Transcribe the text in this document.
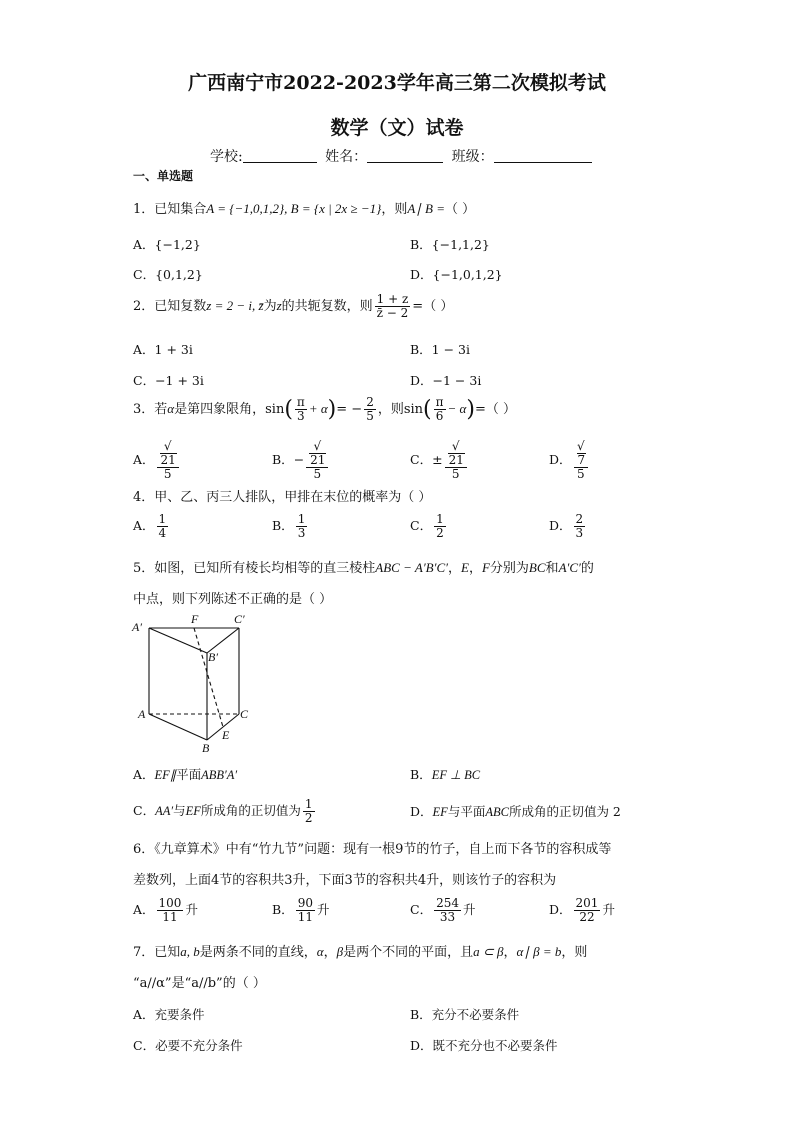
广西南宁市2022-2023学年高三第二次模拟考试
数学（文）试卷
学校:	姓名：	班级：
一、单选题
1．已知集合A = {−1,0,1,2}, B = {x | 2x ≥ −1}，则A∣ B =（ ）
A．{−1,2}	B．{−1,1,2}
C．{0,1,2}	D．{−1,0,1,2}
2．已知复数z = 2 − i, z̄为z的共轭复数，则 $\frac{1 + z}{z̄ - 2}$ =（ ）
A．1 + 3i	B．1 − 3i
C．−1 + 3i	D．−1 − 3i
3．若α是第四象限角，$\sin( \frac{\pi}{3} + \alpha)= - \frac{2}{5}$ ，则$\sin( \frac{\pi}{6} - \alpha)=$（ ）
A． √
21
5	B．− √
21
5	C．± √
21
5	D． √
7
5
4．甲、乙、丙三人排队，甲排在末位的概率为（ ）
A． $\frac{1}{4}$	B． $\frac{1}{3}$	C． $\frac{1}{2}$	D． $\frac{2}{3}$
5．如图，已知所有棱长均相等的直三棱柱ABC − A′B′C′，E，F分别为BC和A′C′的
中点，则下列陈述不正确的是（ ）
A′
F	C′
B′
A	C
E
B
A．EF∥平面ABB′A′	B．EF ⊥ BC
C．AA′与EF所成角的正切值为 $\frac{1}{2}$	D．EF与平面ABC所成角的正切值为 2
6．《九章算术》中有“竹九节”问题：现有一根9节的竹子，自上而下各节的容积成等
差数列，上面4节的容积共3升，下面3节的容积共4升，则该竹子的容积为
A． $\frac{100}{11}$ 升	B． $\frac{90}{11}$ 升	C． $\frac{254}{33}$ 升	D． $\frac{201}{22}$ 升
7．已知a, b是两条不同的直线，α，β是两个不同的平面，且a ⊂ β，α∣ β = b，则
“a//α”是“a//b”的（ ）
A．充要条件	B．充分不必要条件
C．必要不充分条件	D．既不充分也不必要条件
